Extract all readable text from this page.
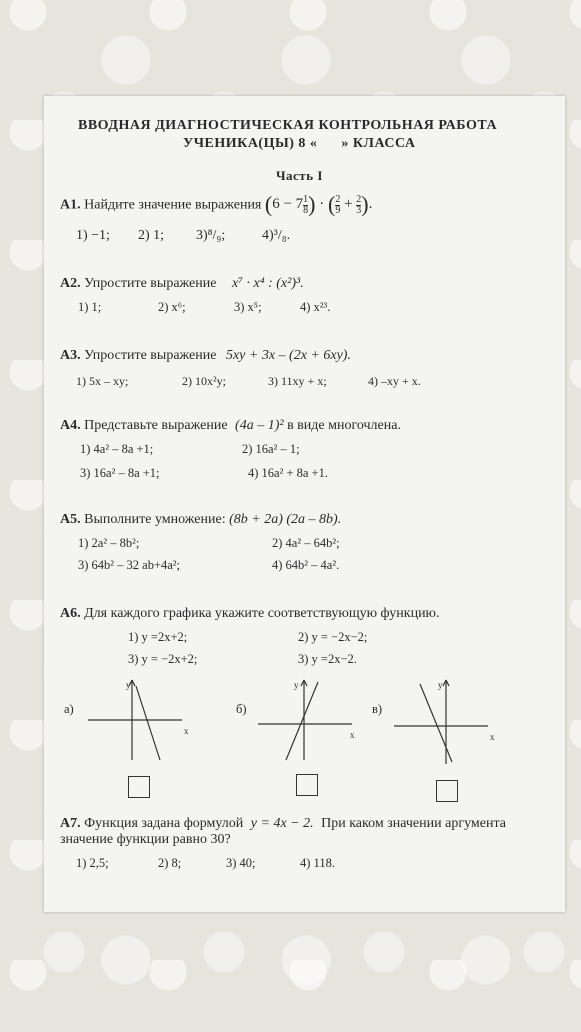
ВВОДНАЯ ДИАГНОСТИЧЕСКАЯ КОНТРОЛЬНАЯ РАБОТА
УЧЕНИКА(ЦЫ) 8 «      » КЛАССА
Часть I
А1. Найдите значение выражения ($6 - 7 \frac{1}{8}$ ) · ( $\frac{2}{9} + \frac{2}{3}$ ).
1) −1; 2) 1; 3)⁸/₉;	4)³/₈.
А2. Упростите выражение x⁷ · x⁴ : (x²)³.
1) 1;	2) x⁶;	3) x⁵;	4) x²³.
А3. Упростите выражение 5xy + 3x – (2x + 6xy).
1) 5x – xy;	2) 10x²y;	3) 11xy + x;	4) –xy + x.
А4. Представьте выражение (4a – 1)² в виде многочлена.
1) 4a² – 8a +1;	2) 16a² – 1;
3) 16a² – 8a +1;	4) 16a² + 8a +1.
А5. Выполните умножение: (8b + 2a) (2a – 8b).
1) 2a² – 8b²;	2) 4a² – 64b²;
3) 64b² – 32 ab+4a²;	4) 64b² – 4a².
А6. Для каждого графика укажите соответствующую функцию.
1) y =2x+2;	2) y = −2x−2;
3) y = −2x+2;	3) y =2x−2.
а)
y
x
б)
y
x
в)
y
x
А7. Функция задана формулой y = 4x − 2. При каком значении аргумента
значение функции равно 30?
1) 2,5;	2) 8;	3) 40;	4) 118.
